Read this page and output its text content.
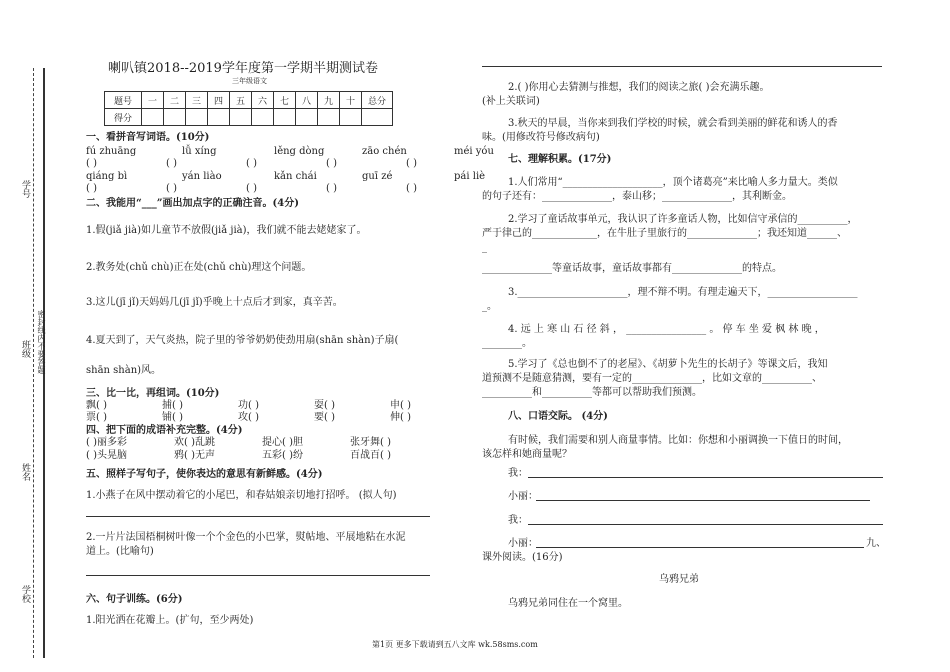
学号
班级 密封线内不要答题
姓名
学校
喇叭镇2018--2019学年度第一学期半期测试卷
三年级语文
题号	一	二	三	四	五	六	七	八	九	十	总分
得分											
一、看拼音写词语。(10分)
fú zhuāng	lǚ xíng	lěng dòng	zāo chén	méi yóu
( )	( )	( )	( )	( )
qiáng bì	yán liào	kǎn chái	guī zé	pái liè
( )	( )	( )	( )	( )
二、我能用“___”画出加点字的正确注音。(4分)
1.假(jiǎ jià)如儿童节不放假(jiǎ jià)，我们就不能去姥姥家了。
2.教务处(chǔ chù)正在处(chǔ chù)理这个问题。
3.这儿(jī jǐ)天妈妈几(jī jǐ)乎晚上十点后才到家，真辛苦。
4.夏天到了，天气炎热，院子里的爷爷奶奶使劲用扇(shān shàn)子扇(
shān shàn)风。
三、比一比，再组词。(10分)
飘( )	捕( )	功( )	耍( )	申( )
票( )	铺( )	攻( )	要( )	伸( )
四、把下面的成语补充完整。(4分)
( )丽多彩	欢( )乱跳	提心( )胆	张牙舞( )
( )头晃脑	鸦( )无声	五彩( )纷	百战百( )
五、照样子写句子，使你表达的意思有新鲜感。(4分)
1.小燕子在风中摆动着它的小尾巴，和春姑娘亲切地打招呼。 (拟人句)
2.一片片法国梧桐树叶像一个个金色的小巴掌，熨帖地、平展地粘在水泥
道上。(比喻句)
六、句子训练。(6分)
1.阳光洒在花瓣上。(扩句，至少两处)
2.( )你用心去猜测与推想，我们的阅读之旅( )会充满乐趣。
(补上关联词)
3.秋天的早晨，当你来到我们学校的时候，就会看到美丽的鲜花和诱人的香
味。(用修改符号修改病句)
七、理解积累。(17分)
1.人们常用“____________________，顶个诸葛亮”来比喻人多力量大。类似
的句子还有：______________，泰山移；______________，其利断金。
2.学习了童话故事单元，我认识了许多童话人物，比如信守承信的__________，
严于律己的_____________，在牛肚子里旅行的______________；我还知道______、
_
______________等童话故事，童话故事都有______________的特点。
3.______________________，理不辩不明。有理走遍天下，__________________
_。
4. 远 上 寒 山 石 径 斜 ， ________________ 。 停 车 坐 爱 枫 林 晚 ，
________。
5.学习了《总也倒不了的老屋》、《胡萝卜先生的长胡子》等课文后，我知
道预测不是随意猜测，要有一定的______________，比如文章的__________、
__________和__________等都可以帮助我们预测。
八、口语交际。 (4分)
有时候，我们需要和别人商量事情。比如：你想和小丽调换一下值日的时间，
该怎样和她商量呢？
我：
小丽：
我：
小丽：	九、
课外阅读。(16分)
乌鸦兄弟
乌鸦兄弟同住在一个窝里。
第1页 更多下载请到五八文库 wk.58sms.com
